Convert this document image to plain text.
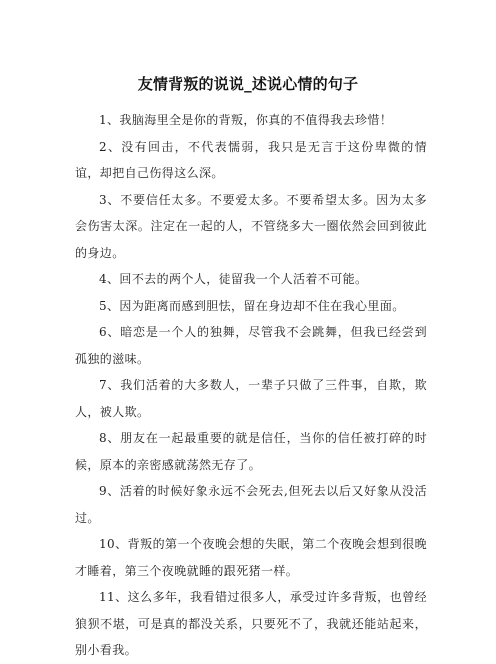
友情背叛的说说_述说心情的句子

1、我脑海里全是你的背叛，你真的不值得我去珍惜！

2、没有回击，不代表懦弱，我只是无言于这份卑微的情谊，却把自己伤得这么深。

3、不要信任太多。不要爱太多。不要希望太多。因为太多会伤害太深。注定在一起的人，不管绕多大一圈依然会回到彼此的身边。

4、回不去的两个人，徒留我一个人活着不可能。

5、因为距离而感到胆怯，留在身边却不住在我心里面。

6、暗恋是一个人的独舞，尽管我不会跳舞，但我已经尝到孤独的滋味。

7、我们活着的大多数人，一辈子只做了三件事，自欺，欺人，被人欺。

8、朋友在一起最重要的就是信任，当你的信任被打碎的时候，原本的亲密感就荡然无存了。

9、活着的时候好象永远不会死去,但死去以后又好象从没活过。

10、背叛的第一个夜晚会想的失眠，第二个夜晚会想到很晚才睡着，第三个夜晚就睡的跟死猪一样。

11、这么多年，我看错过很多人，承受过许多背叛，也曾经狼狈不堪，可是真的都没关系，只要死不了，我就还能站起来，别小看我。
